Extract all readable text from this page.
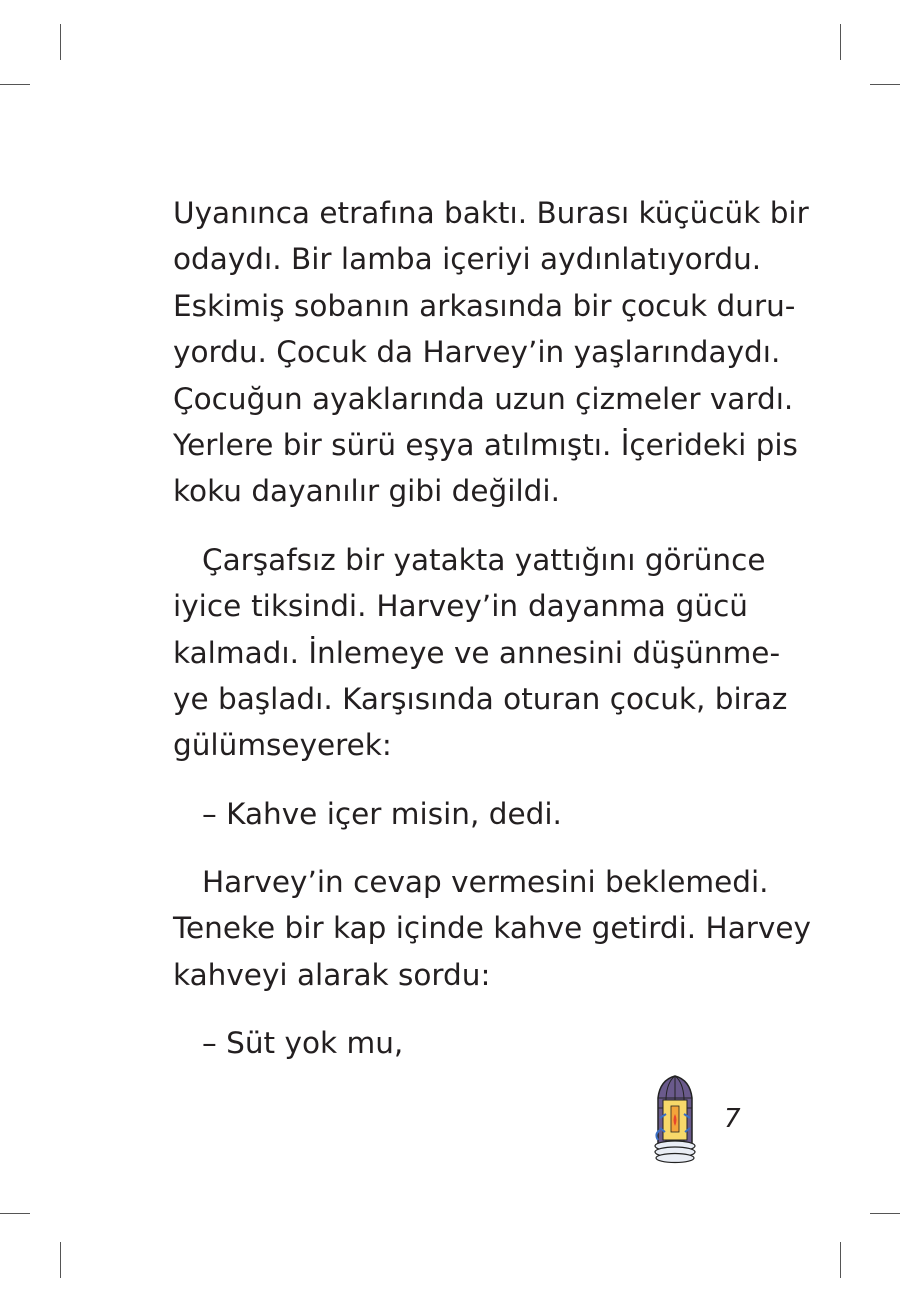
Uyanınca etrafına baktı. Burası küçücük bir
odaydı. Bir lamba içeriyi aydınlatıyordu.
Eskimiş sobanın arkasında bir çocuk duru-
yordu. Çocuk da Harvey’in yaşlarındaydı.
Çocuğun ayaklarında uzun çizmeler vardı.
Yerlere bir sürü eşya atılmıştı. İçerideki pis
koku dayanılır gibi değildi.
Çarşafsız bir yatakta yattığını görünce
iyice tiksindi. Harvey’in dayanma gücü
kalmadı. İnlemeye ve annesini düşünme-
ye başladı. Karşısında oturan çocuk, biraz
gülümseyerek:
– Kahve içer misin, dedi.
Harvey’in cevap vermesini beklemedi.
Teneke bir kap içinde kahve getirdi. Harvey
kahveyi alarak sordu:
– Süt yok mu,
7
